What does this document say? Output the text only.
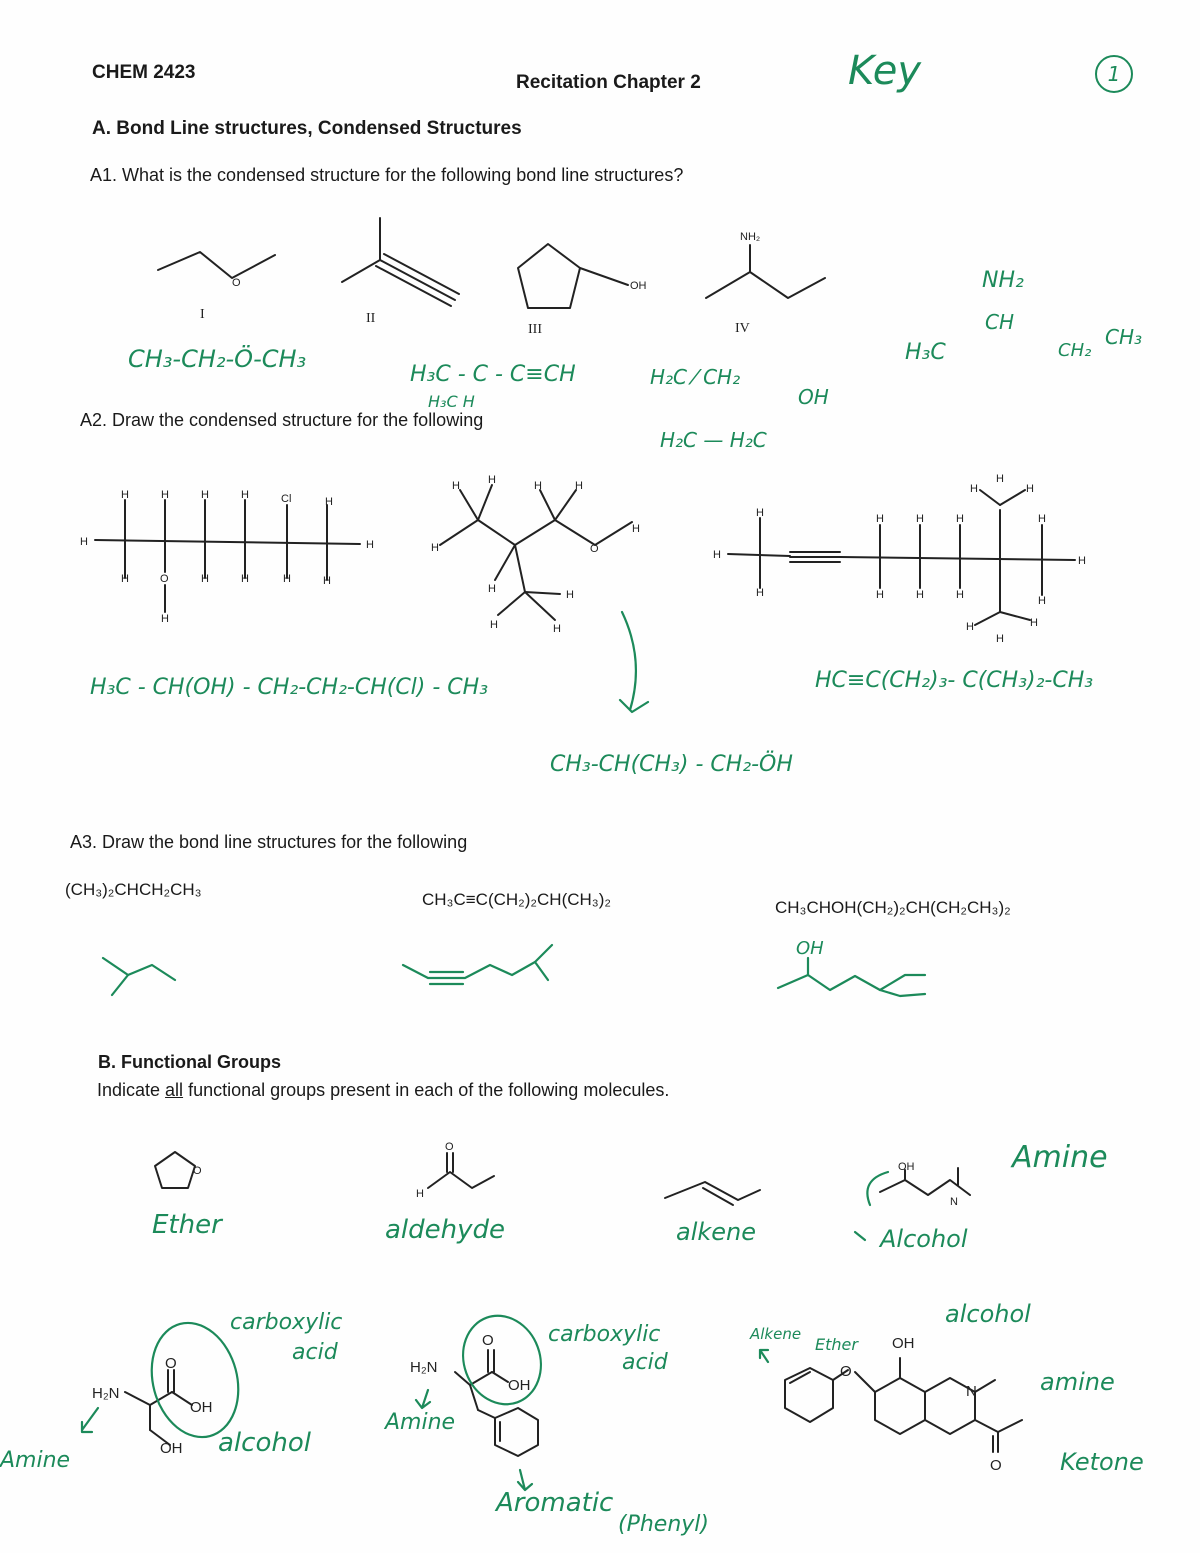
CHEM 2423	Recitation Chapter 2	Key	1
A. Bond Line structures, Condensed Structures
A1. What is the condensed structure for the following bond line structures?
O
I	II
OH
III
NH₂
IV
H
H	H	H	H	Cl	H
H	O	H	H	H	H
H
H
H	H	H	H
H	O
H
H	H
H	H
H
H
H
H	H	H
H	H	H
H
H	H
H
H
H
H
H
H
O
O
H
OH
N
H₂N
O
OH
OH
H₂N
O
OH
O
OH
N
O
CH₃-CH₂-Ö-CH₃
H₃C - C - C≡CH
H₃C H
H₂C ⁄ CH₂
OH
H₂C — H₂C
NH₂
CH
H₃C	CH₂
CH₃
A2. Draw the condensed structure for the following
H₃C - CH(OH) - CH₂-CH₂-CH(Cl) - CH₃
CH₃-CH(CH₃) - CH₂-ÖH
HC≡C(CH₂)₃- C(CH₃)₂-CH₃
A3. Draw the bond line structures for the following
(CH₃)₂CHCH₂CH₃
CH₃C≡C(CH₂)₂CH(CH₃)₂	CH₃CHOH(CH₂)₂CH(CH₂CH₃)₂
OH
B. Functional Groups
Indicate all functional groups present in each of the following molecules.
Ether	aldehyde	alkene
Amine
Alcohol
carboxylic
acid
Amine
alcohol
carboxylic
acid
Amine
Aromatic
(Phenyl)
Alkene
Ether
alcohol
amine
Ketone
